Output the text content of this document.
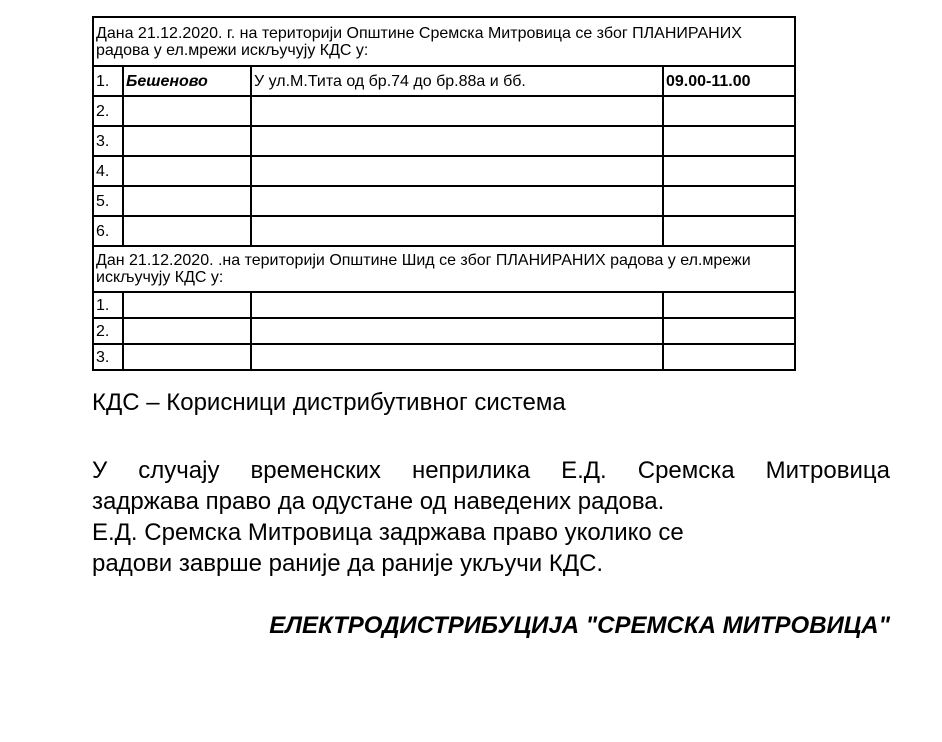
Дана 21.12.2020. г. на територији Општине Сремска Митровица се због ПЛАНИРАНИХ радова у ел.мрежи искључују КДС у:			
1.	Бешеново	У ул.М.Тита од бр.74 до бр.88а и бб.	09.00-11.00
2.			
3.			
4.			
5.			
6.			
Дан 21.12.2020. .на територији Општине Шид се због ПЛАНИРАНИХ радова у ел.мрежи искључују КДС у:			
1.			
2.			
3.			
КДС – Корисници дистрибутивног система

У случају временских неприлика Е.Д. Сремска Митровица

задржава право да одустане од наведених радова.

Е.Д. Сремска Митровица задржава право уколико се

радови заврше раније да раније укључи КДС.

ЕЛЕКТРОДИСТРИБУЦИЈА "СРЕМСКА МИТРОВИЦА"
